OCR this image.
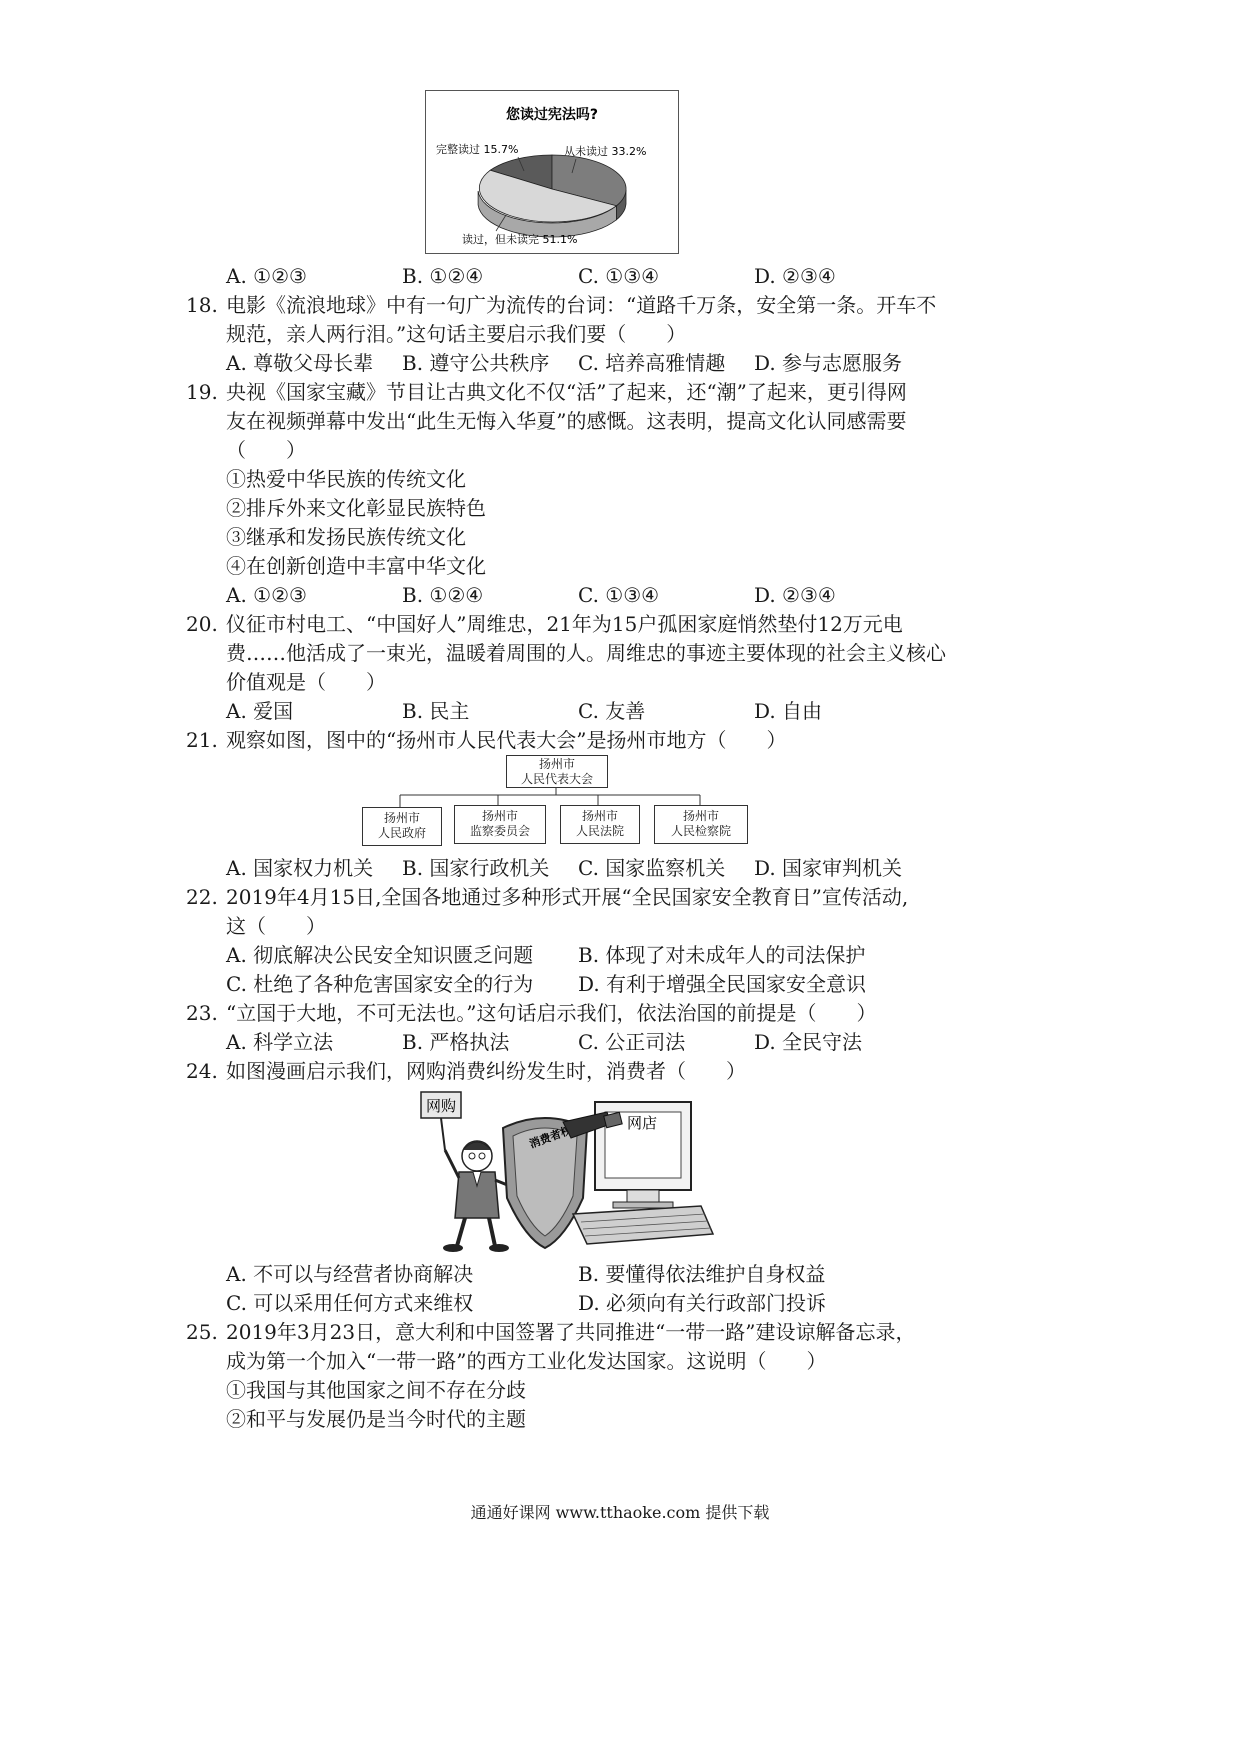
您读过宪法吗?
完整读过 15.7%	从未读过 33.2%
读过，但未读完 51.1%
A. ①②③	B. ①②④	C. ①③④	D. ②③④
18. 电影《流浪地球》中有一句广为流传的台词：“道路千万条，安全第一条。开车不
规范，亲人两行泪。”这句话主要启示我们要（　　）
A. 尊敬父母长辈 B. 遵守公共秩序 C. 培养高雅情趣 D. 参与志愿服务
19. 央视《国家宝藏》节目让古典文化不仅“活”了起来，还“潮”了起来，更引得网
友在视频弹幕中发出“此生无悔入华夏”的感慨。这表明，提高文化认同感需要
（　　）
①热爱中华民族的传统文化
②排斥外来文化彰显民族特色
③继承和发扬民族传统文化
④在创新创造中丰富中华文化
A. ①②③	B. ①②④	C. ①③④	D. ②③④
20. 仪征市村电工、“中国好人”周维忠，21年为15户孤困家庭悄然垫付12万元电
费……他活成了一束光，温暖着周围的人。周维忠的事迹主要体现的社会主义核心
价值观是（　　）
A. 爱国	B. 民主	C. 友善	D. 自由
21. 观察如图，图中的“扬州市人民代表大会”是扬州市地方（　　）
扬州市
人民代表大会
扬州市
人民政府
扬州市
监察委员会
扬州市
人民法院
扬州市
人民检察院
A. 国家权力机关 B. 国家行政机关 C. 国家监察机关 D. 国家审判机关
22. 2019年4月15日,全国各地通过多种形式开展“全民国家安全教育日”宣传活动,
这（　　）
A. 彻底解决公民安全知识匮乏问题 B. 体现了对未成年人的司法保护
C. 杜绝了各种危害国家安全的行为 D. 有利于增强全民国家安全意识
23. “立国于大地，不可无法也。”这句话启示我们，依法治国的前提是（　　）
A. 科学立法	B. 严格执法	C. 公正司法	D. 全民守法
24. 如图漫画启示我们，网购消费纠纷发生时，消费者（　　）
网购
网店
A. 不可以与经营者协商解决	B. 要懂得依法维护自身权益
C. 可以采用任何方式来维权	D. 必须向有关行政部门投诉
25. 2019年3月23日，意大利和中国签署了共同推进“一带一路”建设谅解备忘录，
成为第一个加入“一带一路”的西方工业化发达国家。这说明（　　）
①我国与其他国家之间不存在分歧
②和平与发展仍是当今时代的主题
通通好课网 www.tthaoke.com 提供下载
